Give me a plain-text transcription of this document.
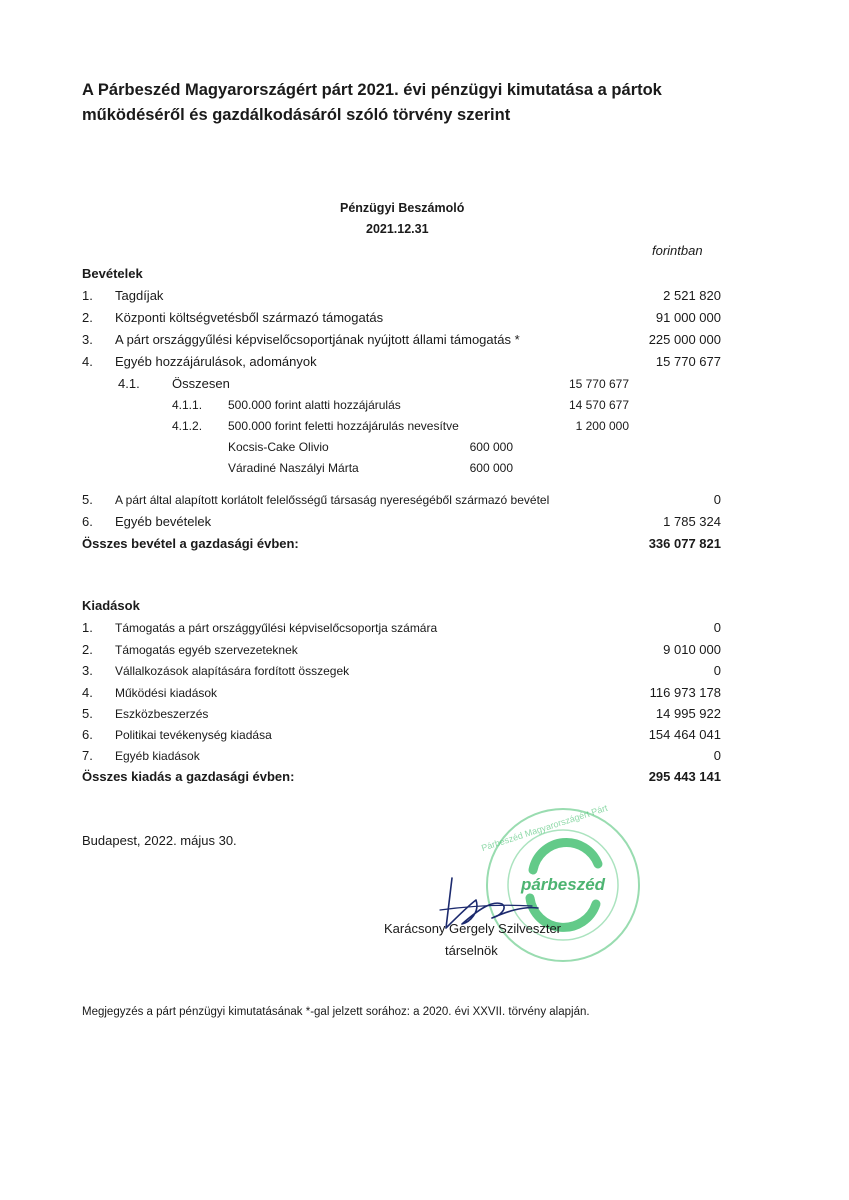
A Párbeszéd Magyarországért párt 2021. évi pénzügyi kimutatása a pártok
működéséről és gazdálkodásáról szóló törvény szerint
Pénzügyi Beszámoló
2021.12.31
forintban
Bevételek
1. Tagdíjak	2 521 820
2. Központi költségvetésből származó támogatás	91 000 000
3. A párt országgyűlési képviselőcsoportjának nyújtott állami támogatás *	225 000 000
4. Egyéb hozzájárulások, adományok	15 770 677
4.1. Összesen	15 770 677
4.1.1. 500.000 forint alatti hozzájárulás	14 570 677
4.1.2. 500.000 forint feletti hozzájárulás nevesítve	1 200 000
Kocsis-Cake Olivio	600 000
Váradiné Naszályi Márta	600 000
5. A párt által alapított korlátolt felelősségű társaság nyereségéből származó bevétel	0
6. Egyéb bevételek	1 785 324
Összes bevétel a gazdasági évben:	336 077 821
Kiadások
1. Támogatás a párt országgyűlési képviselőcsoportja számára	0
2. Támogatás egyéb szervezeteknek	9 010 000
3. Vállalkozások alapítására fordított összegek	0
4. Működési kiadások	116 973 178
5. Eszközbeszerzés	14 995 922
6. Politikai tevékenység kiadása	154 464 041
7. Egyéb kiadások	0
Összes kiadás a gazdasági évben:	295 443 141
Budapest, 2022. május 30.
párbeszéd
Párbeszéd Magyarországért Párt
Karácsony Gergely Szilveszter
társelnök
Megjegyzés a párt pénzügyi kimutatásának *-gal jelzett sorához: a 2020. évi XXVII. törvény alapján.
